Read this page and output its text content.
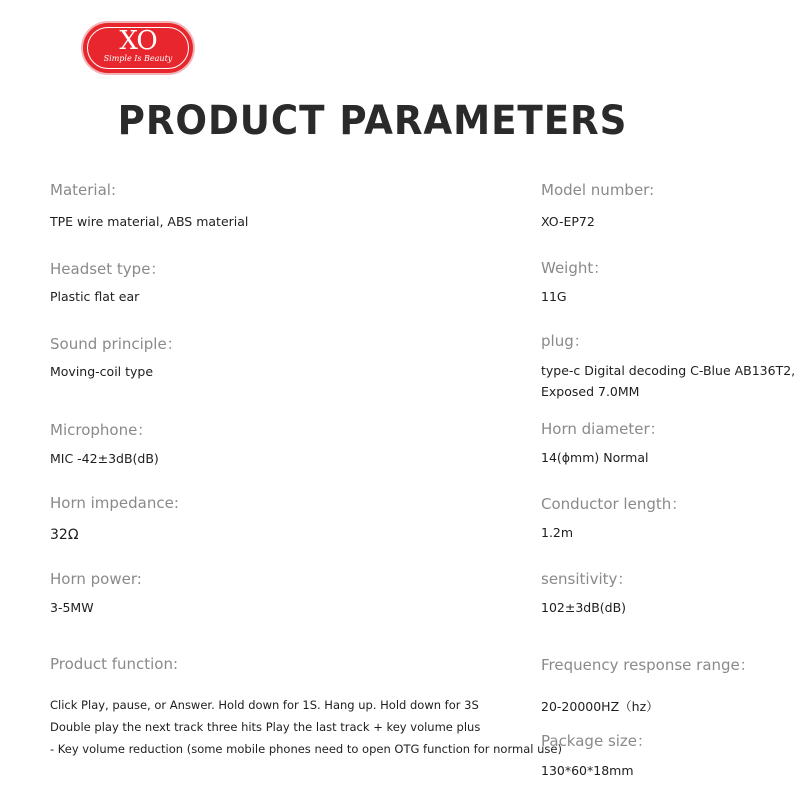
XO
Simple Is Beauty
PRODUCT PARAMETERS
Material:
TPE wire material, ABS material
Headset type：
Plastic flat ear
Sound principle：
Moving-coil type
Microphone：
MIC -42±3dB(dB)
Horn impedance:
32Ω
Horn power:
3-5MW
Product function:
Click Play, pause, or Answer. Hold down for 1S. Hang up. Hold down for 3S
Double play the next track three hits Play the last track + key volume plus
- Key volume reduction (some mobile phones need to open OTG function for normal use)
Model number:
XO-EP72
Weight：
11G
plug：
type-c Digital decoding C-Blue AB136T2,
Exposed 7.0MM
Horn diameter：
14(ϕmm) Normal
Conductor length：
1.2m
sensitivity：
102±3dB(dB)
Frequency response range：
20-20000HZ（hz）
Package size：
130*60*18mm
